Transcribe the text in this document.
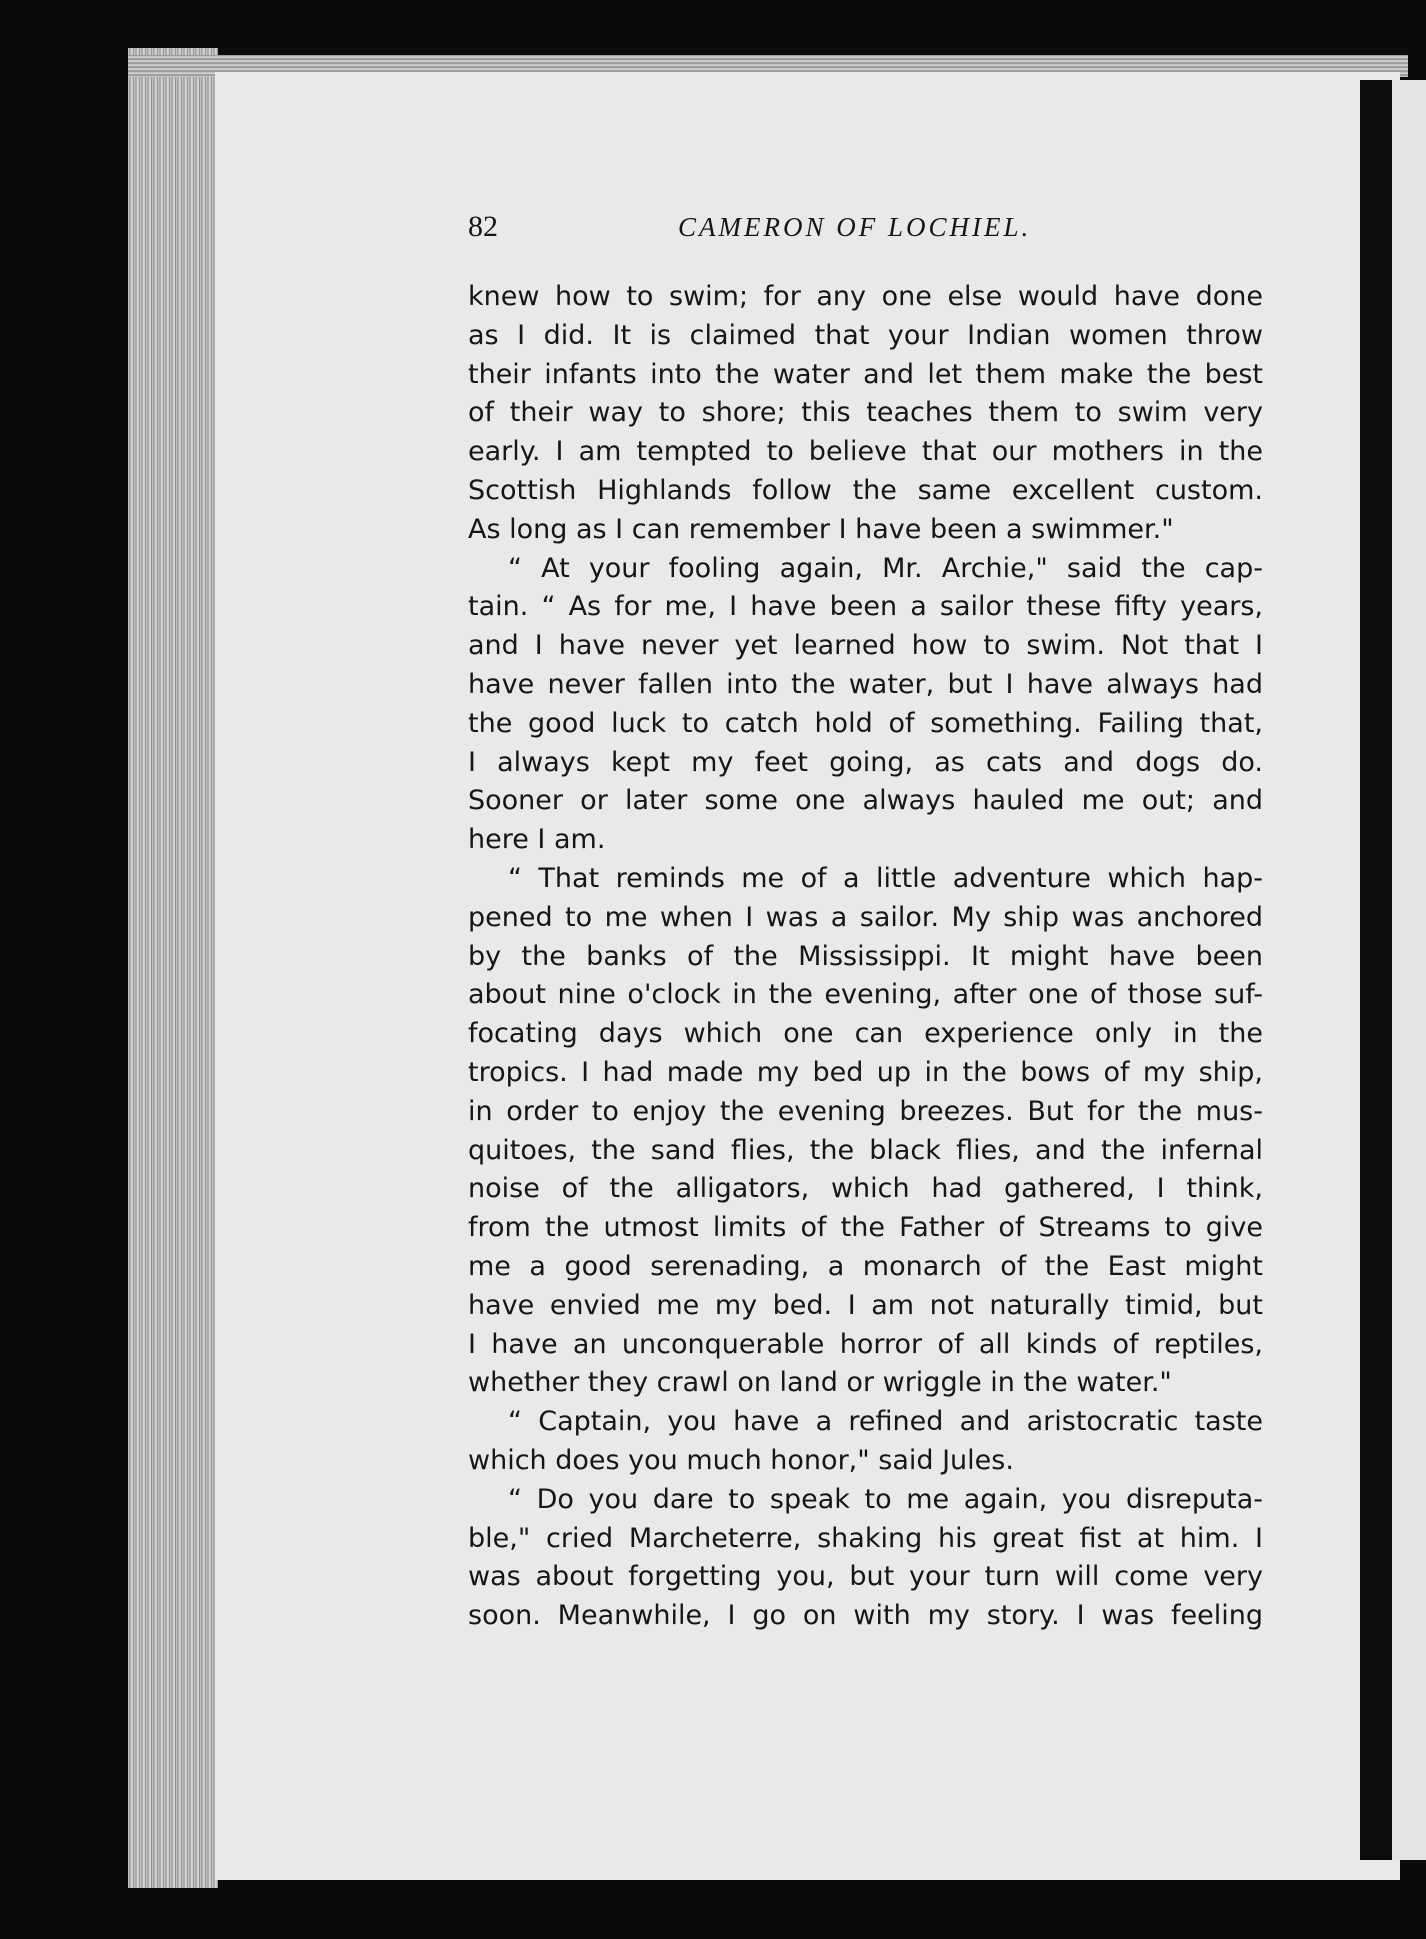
82	CAMERON OF LOCHIEL.

knew how to swim; for any one else would have done

as I did. It is claimed that your Indian women throw

their infants into the water and let them make the best

of their way to shore; this teaches them to swim very

early. I am tempted to believe that our mothers in the

Scottish Highlands follow the same excellent custom.

As long as I can remember I have been a swimmer."

“ At your fooling again, Mr. Archie," said the cap-

tain. “ As for me, I have been a sailor these fifty years,

and I have never yet learned how to swim. Not that I

have never fallen into the water, but I have always had

the good luck to catch hold of something. Failing that,

I always kept my feet going, as cats and dogs do.

Sooner or later some one always hauled me out; and

here I am.

“ That reminds me of a little adventure which hap-

pened to me when I was a sailor. My ship was anchored

by the banks of the Mississippi. It might have been

about nine o'clock in the evening, after one of those suf-

focating days which one can experience only in the

tropics. I had made my bed up in the bows of my ship,

in order to enjoy the evening breezes. But for the mus-

quitoes, the sand flies, the black flies, and the infernal

noise of the alligators, which had gathered, I think,

from the utmost limits of the Father of Streams to give

me a good serenading, a monarch of the East might

have envied me my bed. I am not naturally timid, but

I have an unconquerable horror of all kinds of reptiles,

whether they crawl on land or wriggle in the water."

“ Captain, you have a refined and aristocratic taste

which does you much honor," said Jules.

“ Do you dare to speak to me again, you disreputa-

ble," cried Marcheterre, shaking his great fist at him. I

was about forgetting you, but your turn will come very

soon. Meanwhile, I go on with my story. I was feeling
